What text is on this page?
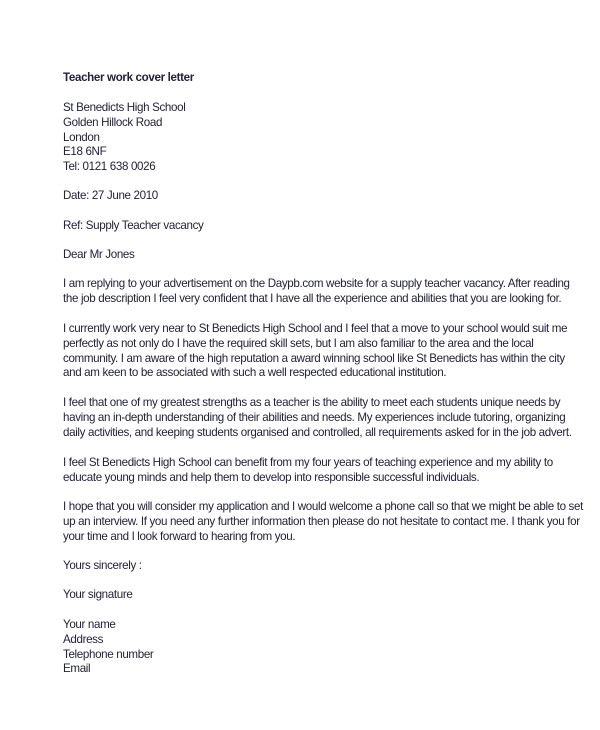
Teacher work cover letter
St Benedicts High School
Golden Hillock Road
London
E18 6NF
Tel: 0121 638 0026
Date: 27 June 2010
Ref: Supply Teacher vacancy
Dear Mr Jones
I am replying to your advertisement on the Daypb.com website for a supply teacher vacancy. After reading
the job description I feel very confident that I have all the experience and abilities that you are looking for.
I currently work very near to St Benedicts High School and I feel that a move to your school would suit me
perfectly as not only do I have the required skill sets, but I am also familiar to the area and the local
community. I am aware of the high reputation a award winning school like St Benedicts has within the city
and am keen to be associated with such a well respected educational institution.
I feel that one of my greatest strengths as a teacher is the ability to meet each students unique needs by
having an in-depth understanding of their abilities and needs. My experiences include tutoring, organizing
daily activities, and keeping students organised and controlled, all requirements asked for in the job advert.
I feel St Benedicts High School can benefit from my four years of teaching experience and my ability to
educate young minds and help them to develop into responsible successful individuals.
I hope that you will consider my application and I would welcome a phone call so that we might be able to set
up an interview. If you need any further information then please do not hesitate to contact me. I thank you for
your time and I look forward to hearing from you.
Yours sincerely :
Your signature
Your name
Address
Telephone number
Email
